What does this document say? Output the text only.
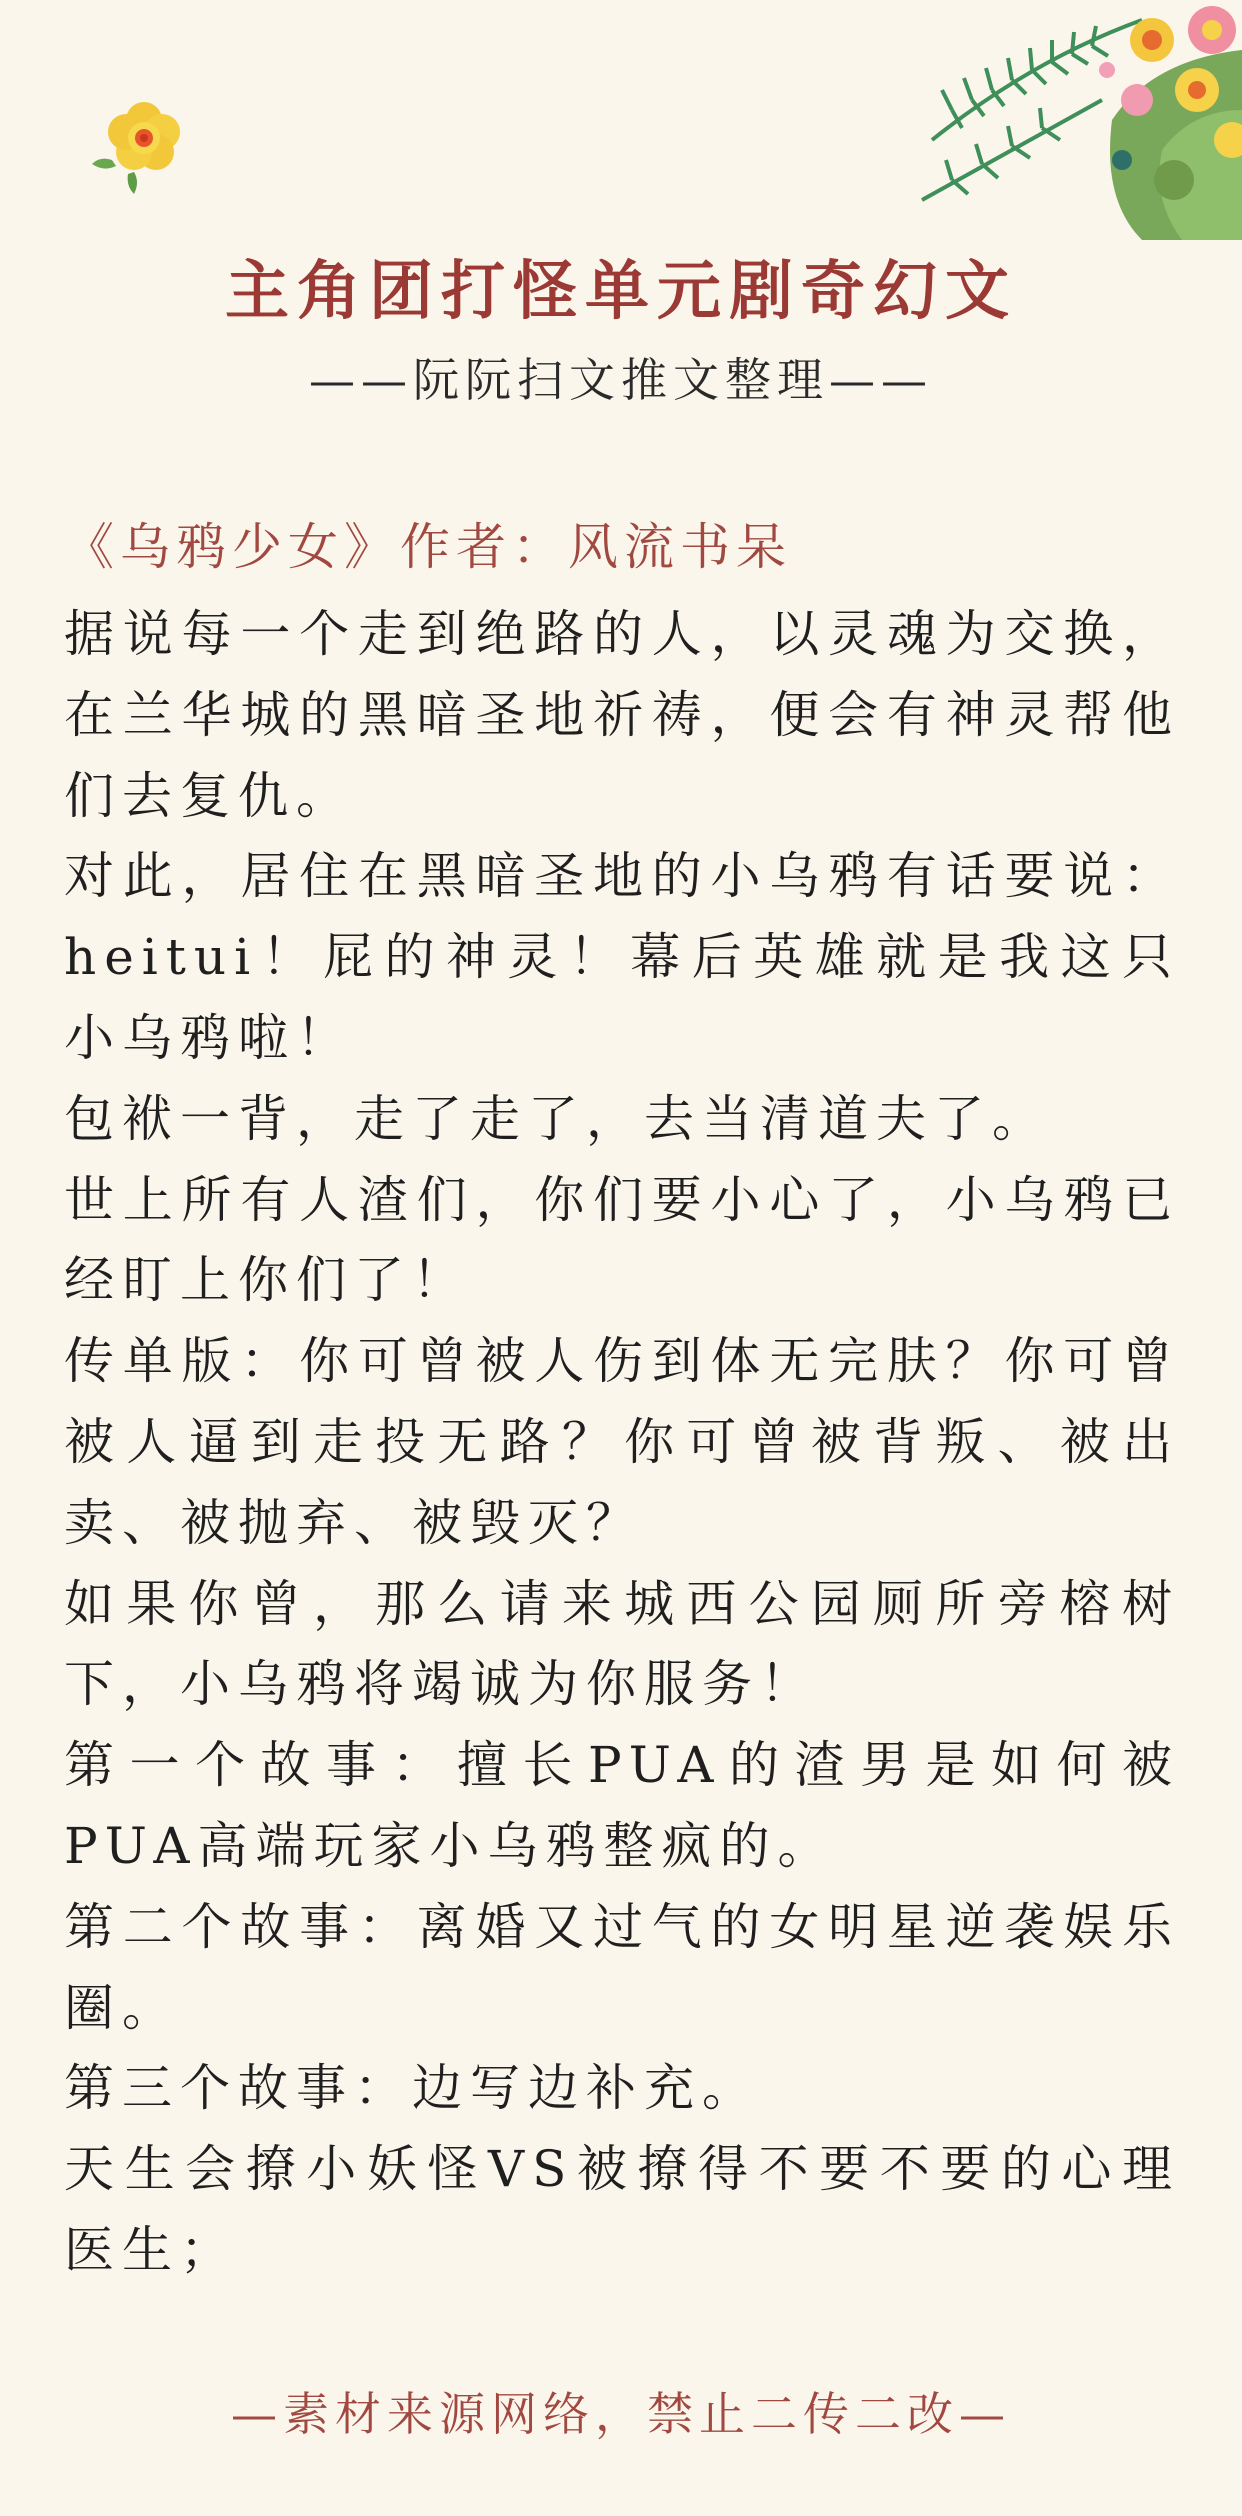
主角团打怪单元剧奇幻文
——阮阮扫文推文整理——
《乌鸦少女》作者：风流书呆

据说每一个走到绝路的人，以灵魂为交换，在兰华城的黑暗圣地祈祷，便会有神灵帮他们去复仇。

对此，居住在黑暗圣地的小乌鸦有话要说：heitui！屁的神灵！幕后英雄就是我这只小乌鸦啦！

包袱一背，走了走了，去当清道夫了。

世上所有人渣们，你们要小心了，小乌鸦已经盯上你们了！

传单版：你可曾被人伤到体无完肤？你可曾被人逼到走投无路？你可曾被背叛、被出卖、被抛弃、被毁灭？

如果你曾，那么请来城西公园厕所旁榕树下，小乌鸦将竭诚为你服务！

第一个故事：擅长PUA的渣男是如何被PUA高端玩家小乌鸦整疯的。

第二个故事：离婚又过气的女明星逆袭娱乐圈。

第三个故事：边写边补充。

天生会撩小妖怪VS被撩得不要不要的心理医生；

—素材来源网络，禁止二传二改—
